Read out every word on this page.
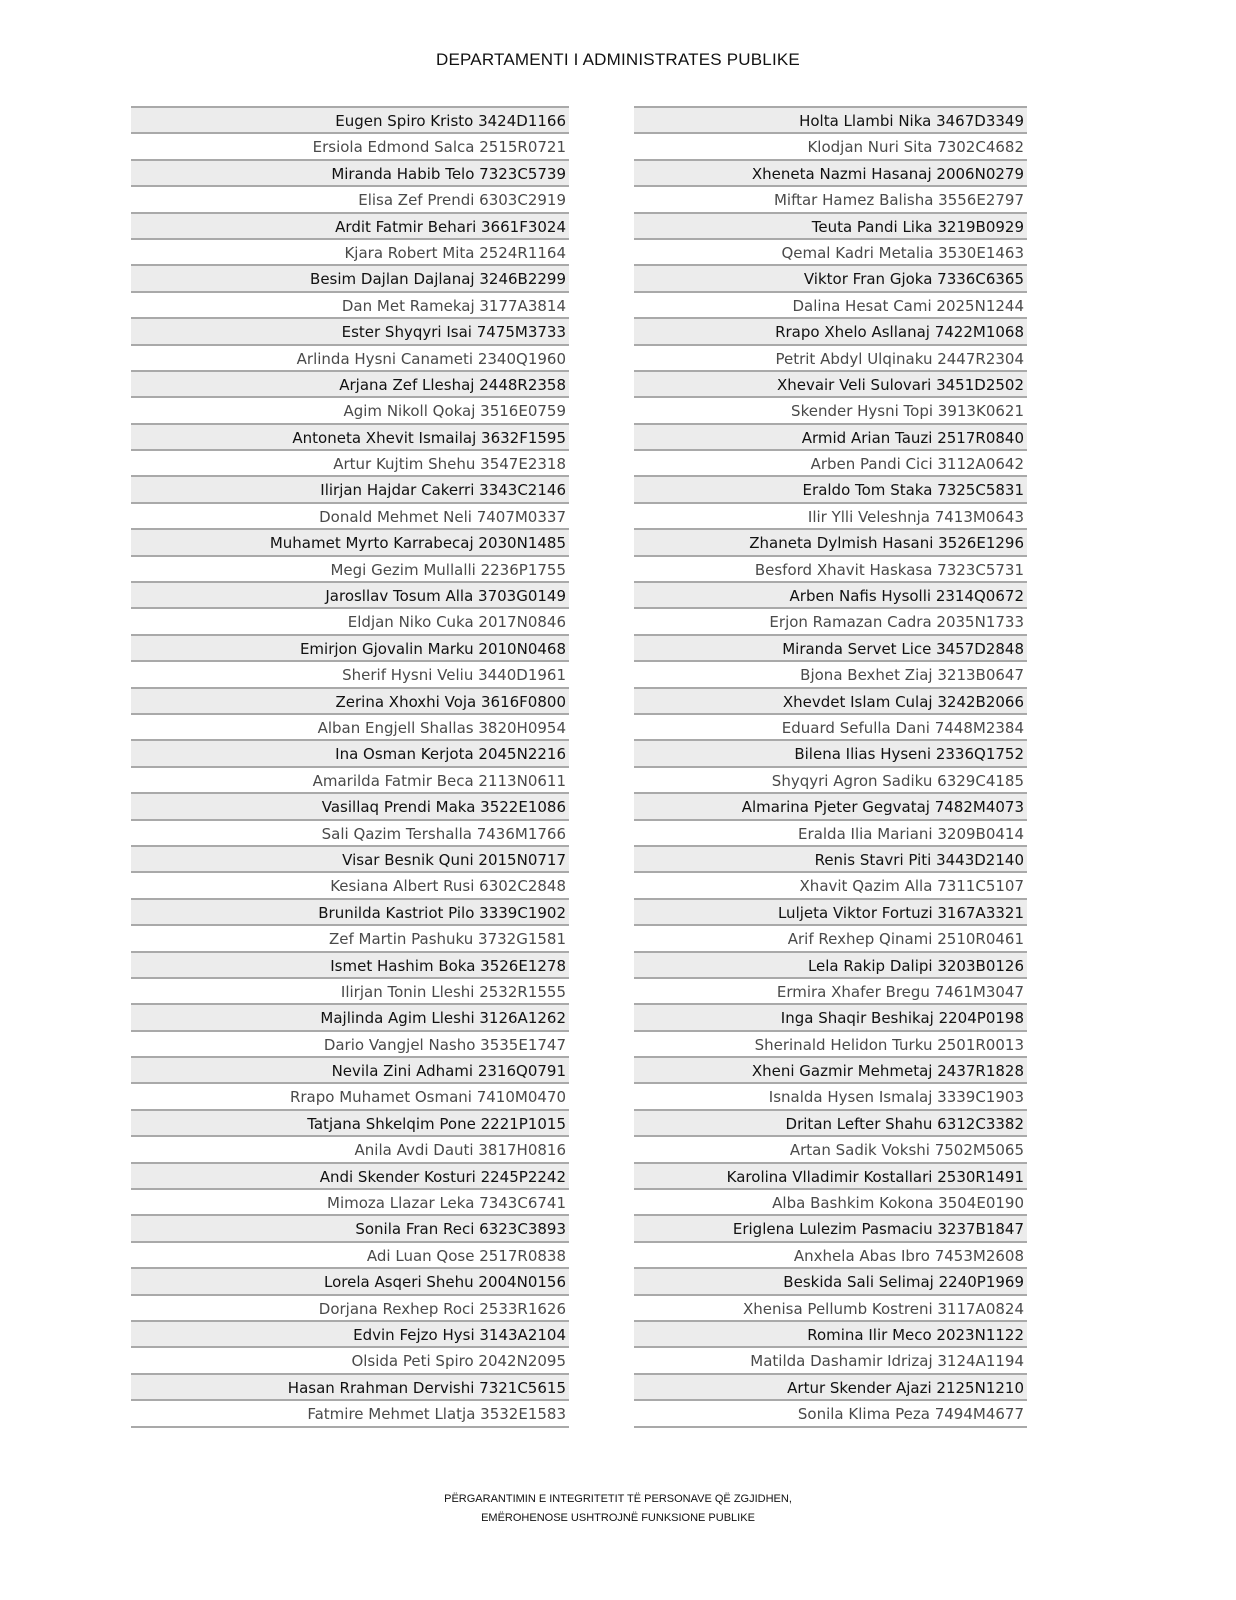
DEPARTAMENTI I ADMINISTRATES PUBLIKE
Eugen Spiro Kristo 3424D1166
Ersiola Edmond Salca 2515R0721
Miranda Habib Telo 7323C5739
Elisa Zef Prendi 6303C2919
Ardit Fatmir Behari 3661F3024
Kjara Robert Mita 2524R1164
Besim Dajlan Dajlanaj 3246B2299
Dan Met Ramekaj 3177A3814
Ester Shyqyri Isai 7475M3733
Arlinda Hysni Canameti 2340Q1960
Arjana Zef Lleshaj 2448R2358
Agim Nikoll Qokaj 3516E0759
Antoneta Xhevit Ismailaj 3632F1595
Artur Kujtim Shehu 3547E2318
Ilirjan Hajdar Cakerri 3343C2146
Donald Mehmet Neli 7407M0337
Muhamet Myrto Karrabecaj 2030N1485
Megi Gezim Mullalli 2236P1755
Jarosllav Tosum Alla 3703G0149
Eldjan Niko Cuka 2017N0846
Emirjon Gjovalin Marku 2010N0468
Sherif Hysni Veliu 3440D1961
Zerina Xhoxhi Voja 3616F0800
Alban Engjell Shallas 3820H0954
Ina Osman Kerjota 2045N2216
Amarilda Fatmir Beca 2113N0611
Vasillaq Prendi Maka 3522E1086
Sali Qazim Tershalla 7436M1766
Visar Besnik Quni 2015N0717
Kesiana Albert Rusi 6302C2848
Brunilda Kastriot Pilo 3339C1902
Zef Martin Pashuku 3732G1581
Ismet Hashim Boka 3526E1278
Ilirjan Tonin Lleshi 2532R1555
Majlinda Agim Lleshi 3126A1262
Dario Vangjel Nasho 3535E1747
Nevila Zini Adhami 2316Q0791
Rrapo Muhamet Osmani 7410M0470
Tatjana Shkelqim Pone 2221P1015
Anila Avdi Dauti 3817H0816
Andi Skender Kosturi 2245P2242
Mimoza Llazar Leka 7343C6741
Sonila Fran Reci 6323C3893
Adi Luan Qose 2517R0838
Lorela Asqeri Shehu 2004N0156
Dorjana Rexhep Roci 2533R1626
Edvin Fejzo Hysi 3143A2104
Olsida Peti Spiro 2042N2095
Hasan Rrahman Dervishi 7321C5615
Fatmire Mehmet Llatja 3532E1583
Holta Llambi Nika 3467D3349
Klodjan Nuri Sita 7302C4682
Xheneta Nazmi Hasanaj 2006N0279
Miftar Hamez Balisha 3556E2797
Teuta Pandi Lika 3219B0929
Qemal Kadri Metalia 3530E1463
Viktor Fran Gjoka 7336C6365
Dalina Hesat Cami 2025N1244
Rrapo Xhelo Asllanaj 7422M1068
Petrit Abdyl Ulqinaku 2447R2304
Xhevair Veli Sulovari 3451D2502
Skender Hysni Topi 3913K0621
Armid Arian Tauzi 2517R0840
Arben Pandi Cici 3112A0642
Eraldo Tom Staka 7325C5831
Ilir Ylli Veleshnja 7413M0643
Zhaneta Dylmish Hasani 3526E1296
Besford Xhavit Haskasa 7323C5731
Arben Nafis Hysolli 2314Q0672
Erjon Ramazan Cadra 2035N1733
Miranda Servet Lice 3457D2848
Bjona Bexhet Ziaj 3213B0647
Xhevdet Islam Culaj 3242B2066
Eduard Sefulla Dani 7448M2384
Bilena Ilias Hyseni 2336Q1752
Shyqyri Agron Sadiku 6329C4185
Almarina Pjeter Gegvataj 7482M4073
Eralda Ilia Mariani 3209B0414
Renis Stavri Piti 3443D2140
Xhavit Qazim Alla 7311C5107
Luljeta Viktor Fortuzi 3167A3321
Arif Rexhep Qinami 2510R0461
Lela Rakip Dalipi 3203B0126
Ermira Xhafer Bregu 7461M3047
Inga Shaqir Beshikaj 2204P0198
Sherinald Helidon Turku 2501R0013
Xheni Gazmir Mehmetaj 2437R1828
Isnalda Hysen Ismalaj 3339C1903
Dritan Lefter Shahu 6312C3382
Artan Sadik Vokshi 7502M5065
Karolina Vlladimir Kostallari 2530R1491
Alba Bashkim Kokona 3504E0190
Eriglena Lulezim Pasmaciu 3237B1847
Anxhela Abas Ibro 7453M2608
Beskida Sali Selimaj 2240P1969
Xhenisa Pellumb Kostreni 3117A0824
Romina Ilir Meco 2023N1122
Matilda Dashamir Idrizaj 3124A1194
Artur Skender Ajazi 2125N1210
Sonila Klima Peza 7494M4677
PËRGARANTIMIN E INTEGRITETIT TË PERSONAVE QË ZGJIDHEN,
EMËROHENOSE USHTROJNË FUNKSIONE PUBLIKE
